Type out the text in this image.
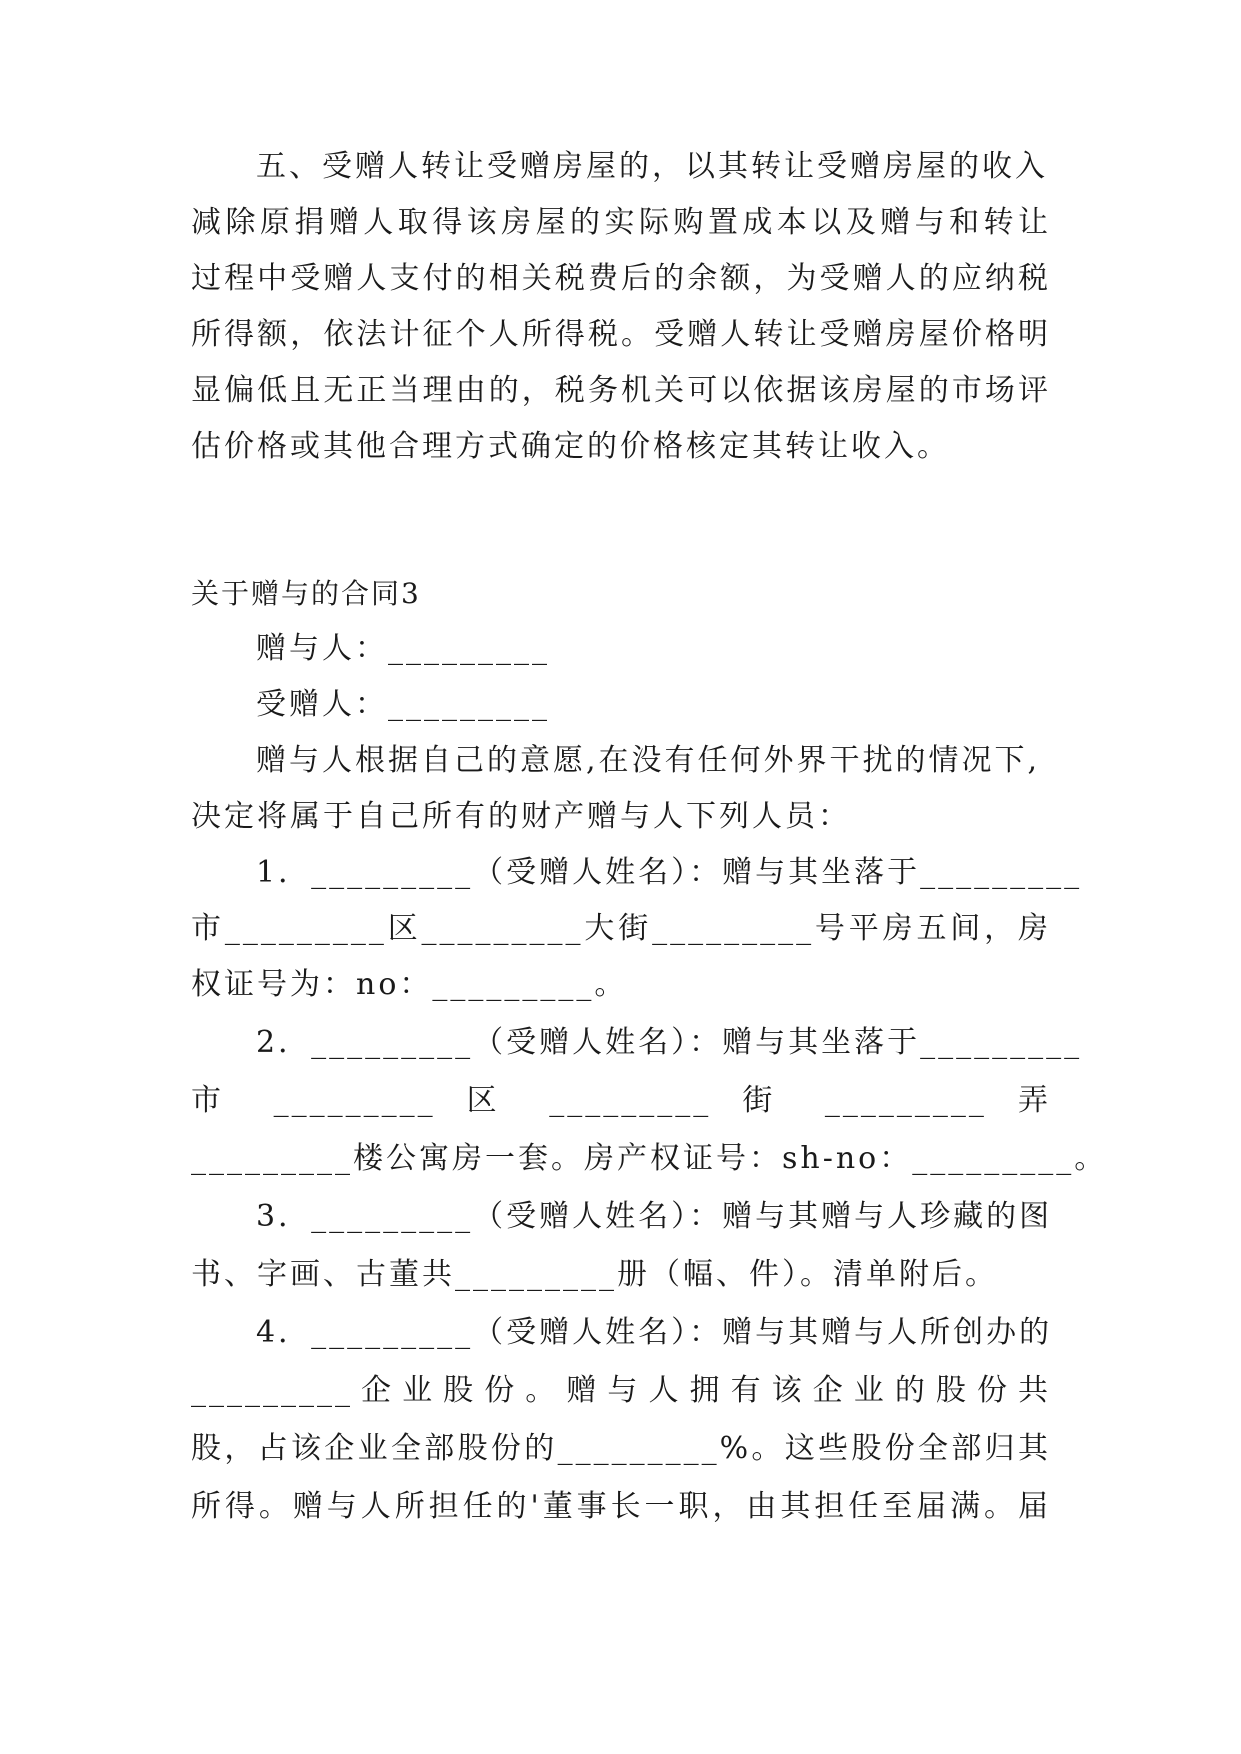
五、受赠人转让受赠房屋的，以其转让受赠房屋的收入
减除原捐赠人取得该房屋的实际购置成本以及赠与和转让
过程中受赠人支付的相关税费后的余额，为受赠人的应纳税
所得额，依法计征个人所得税。受赠人转让受赠房屋价格明
显偏低且无正当理由的，税务机关可以依据该房屋的市场评
估价格或其他合理方式确定的价格核定其转让收入。
关于赠与的合同3
赠与人：_________
受赠人：_________
赠与人根据自己的意愿,在没有任何外界干扰的情况下,
决定将属于自己所有的财产赠与人下列人员：
1．_________（受赠人姓名）：赠与其坐落于_________
市_________区_________大街_________号平房五间，房
权证号为：no：_________。
2．_________（受赠人姓名）：赠与其坐落于_________
市 _________ 区 _________ 街 _________ 弄
_________楼公寓房一套。房产权证号：sh-no：_________。
3．_________（受赠人姓名）：赠与其赠与人珍藏的图
书、字画、古董共_________册（幅、件）。清单附后。
4．_________（受赠人姓名）：赠与其赠与人所创办的
_________企业股份。赠与人拥有该企业的股份共
股，占该企业全部股份的_________%。这些股份全部归其
所得。赠与人所担任的'董事长一职，由其担任至届满。届
